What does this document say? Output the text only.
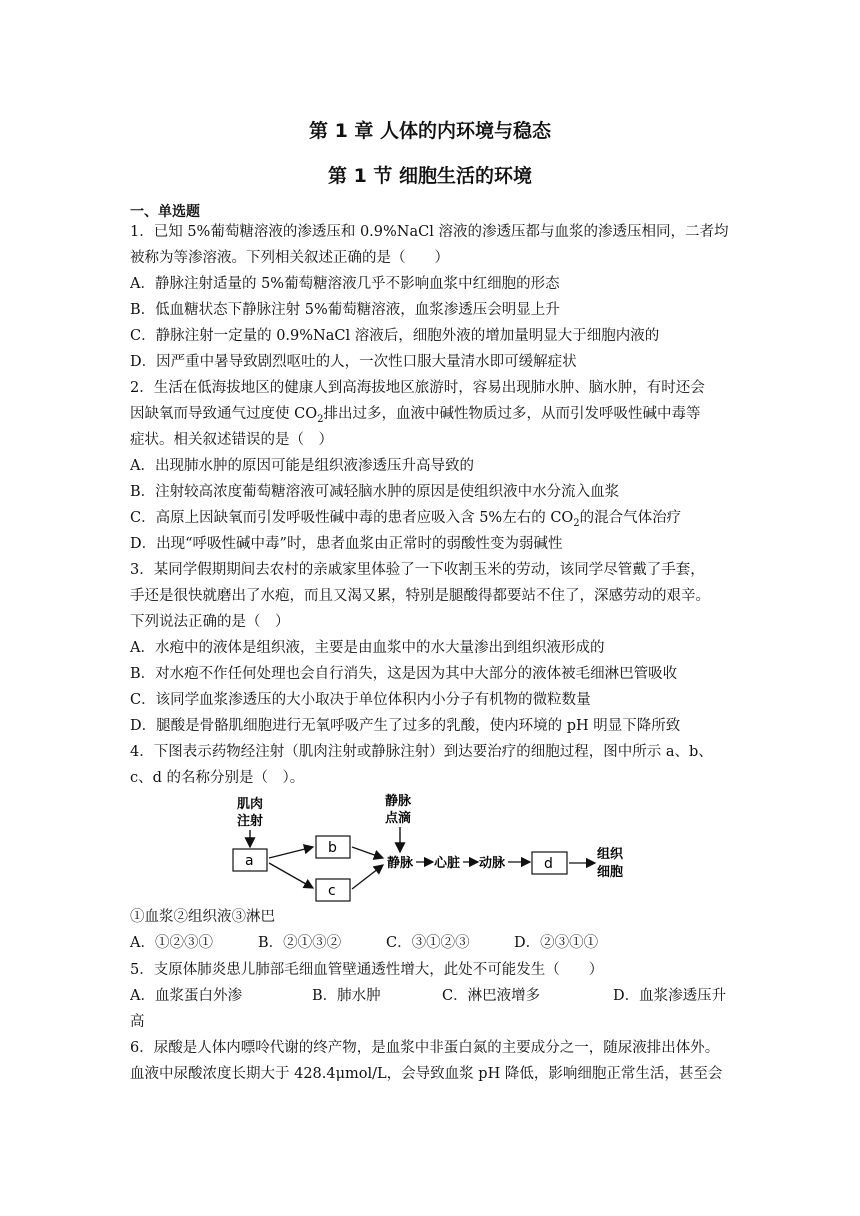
第 1 章 人体的内环境与稳态
第 1 节 细胞生活的环境
一、单选题
1．已知 5%葡萄糖溶液的渗透压和 0.9%NaCl 溶液的渗透压都与血浆的渗透压相同，二者均
被称为等渗溶液。下列相关叙述正确的是（　　）
A．静脉注射适量的 5%葡萄糖溶液几乎不影响血浆中红细胞的形态
B．低血糖状态下静脉注射 5%葡萄糖溶液，血浆渗透压会明显上升
C．静脉注射一定量的 0.9%NaCl 溶液后，细胞外液的增加量明显大于细胞内液的
D．因严重中暑导致剧烈呕吐的人，一次性口服大量清水即可缓解症状
2．生活在低海拔地区的健康人到高海拔地区旅游时，容易出现肺水肿、脑水肿，有时还会
因缺氧而导致通气过度使 $CO_2$排出过多，血液中碱性物质过多，从而引发呼吸性碱中毒等
症状。相关叙述错误的是（　）
A．出现肺水肿的原因可能是组织液渗透压升高导致的
B．注射较高浓度葡萄糖溶液可减轻脑水肿的原因是使组织液中水分流入血浆
C．高原上因缺氧而引发呼吸性碱中毒的患者应吸入含 5%左右的 $CO_2$的混合气体治疗
D．出现“呼吸性碱中毒”时，患者血浆由正常时的弱酸性变为弱碱性
3．某同学假期期间去农村的亲戚家里体验了一下收割玉米的劳动，该同学尽管戴了手套，
手还是很快就磨出了水疱，而且又渴又累，特别是腿酸得都要站不住了，深感劳动的艰辛。
下列说法正确的是（　）
A．水疱中的液体是组织液，主要是由血浆中的水大量渗出到组织液形成的
B．对水疱不作任何处理也会自行消失，这是因为其中大部分的液体被毛细淋巴管吸收
C．该同学血浆渗透压的大小取决于单位体积内小分子有机物的微粒数量
D．腿酸是骨骼肌细胞进行无氧呼吸产生了过多的乳酸，使内环境的 pH 明显下降所致
4．下图表示药物经注射（肌肉注射或静脉注射）到达要治疗的细胞过程，图中所示 a、b、
c、d 的名称分别是（　）。
肌肉
注射
静脉
点滴
a
b
c
静脉 心脏 动脉	d
组织
细胞
①血浆②组织液③淋巴
A．①②③①	B．②①③②	C．③①②③	D．②③①①
5．支原体肺炎患儿肺部毛细血管壁通透性增大，此处不可能发生（　　）
A．血浆蛋白外渗	B．肺水肿	C．淋巴液增多	D．血浆渗透压升
高
6．尿酸是人体内嘌呤代谢的终产物，是血浆中非蛋白氮的主要成分之一，随尿液排出体外。
血液中尿酸浓度长期大于 428.4μmol/L，会导致血浆 pH 降低，影响细胞正常生活，甚至会
